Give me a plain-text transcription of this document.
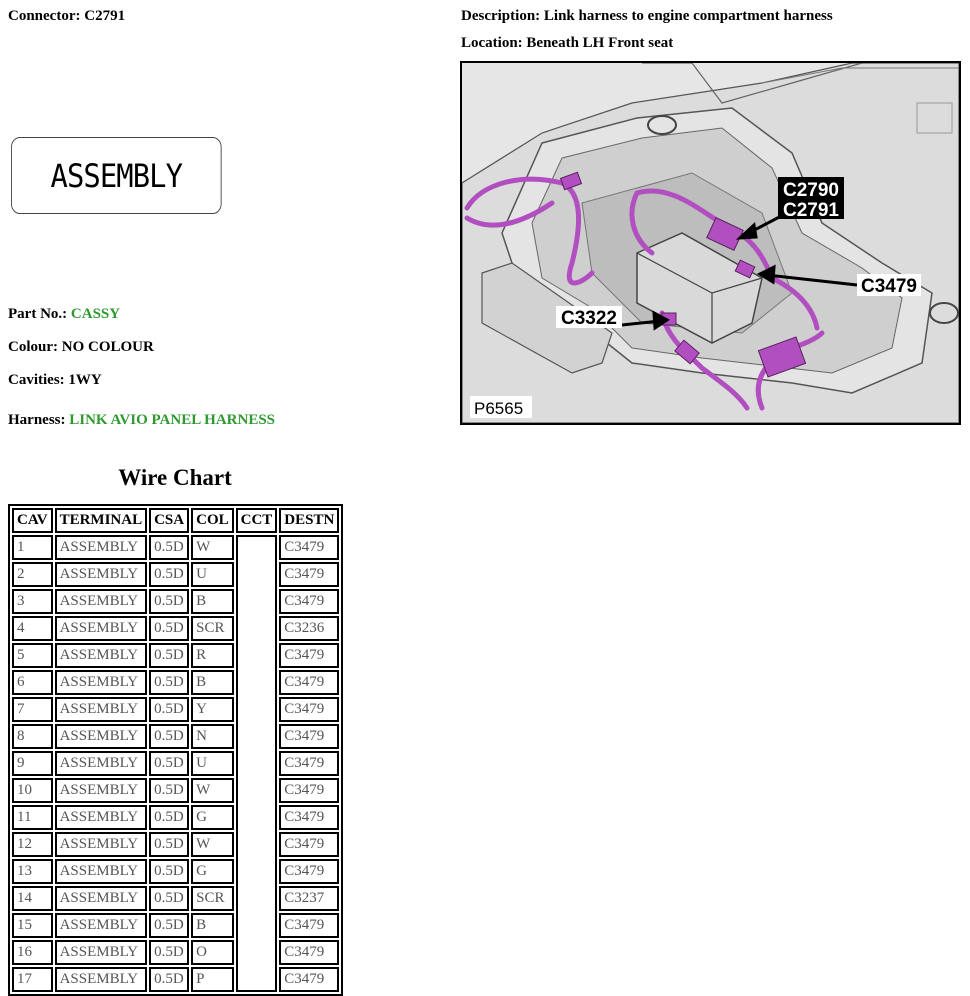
Connector: C2791	Description: Link harness to engine compartment harness
Location: Beneath LH Front seat
ASSEMBLY
Part No.: CASSY
Colour: NO COLOUR
Cavities: 1WY
Harness: LINK AVIO PANEL HARNESS
C2790
C2791
C3479
C3322
P6565
Wire Chart
CAV	TERMINAL	CSA	COL	CCT	DESTN
1	ASSEMBLY	0.5D	W		C3479
2	ASSEMBLY	0.5D	U		C3479
3	ASSEMBLY	0.5D	B		C3479
4	ASSEMBLY	0.5D	SCR		C3236
5	ASSEMBLY	0.5D	R		C3479
6	ASSEMBLY	0.5D	B		C3479
7	ASSEMBLY	0.5D	Y		C3479
8	ASSEMBLY	0.5D	N		C3479
9	ASSEMBLY	0.5D	U		C3479
10	ASSEMBLY	0.5D	W		C3479
11	ASSEMBLY	0.5D	G		C3479
12	ASSEMBLY	0.5D	W		C3479
13	ASSEMBLY	0.5D	G		C3479
14	ASSEMBLY	0.5D	SCR		C3237
15	ASSEMBLY	0.5D	B		C3479
16	ASSEMBLY	0.5D	O		C3479
17	ASSEMBLY	0.5D	P		C3479
